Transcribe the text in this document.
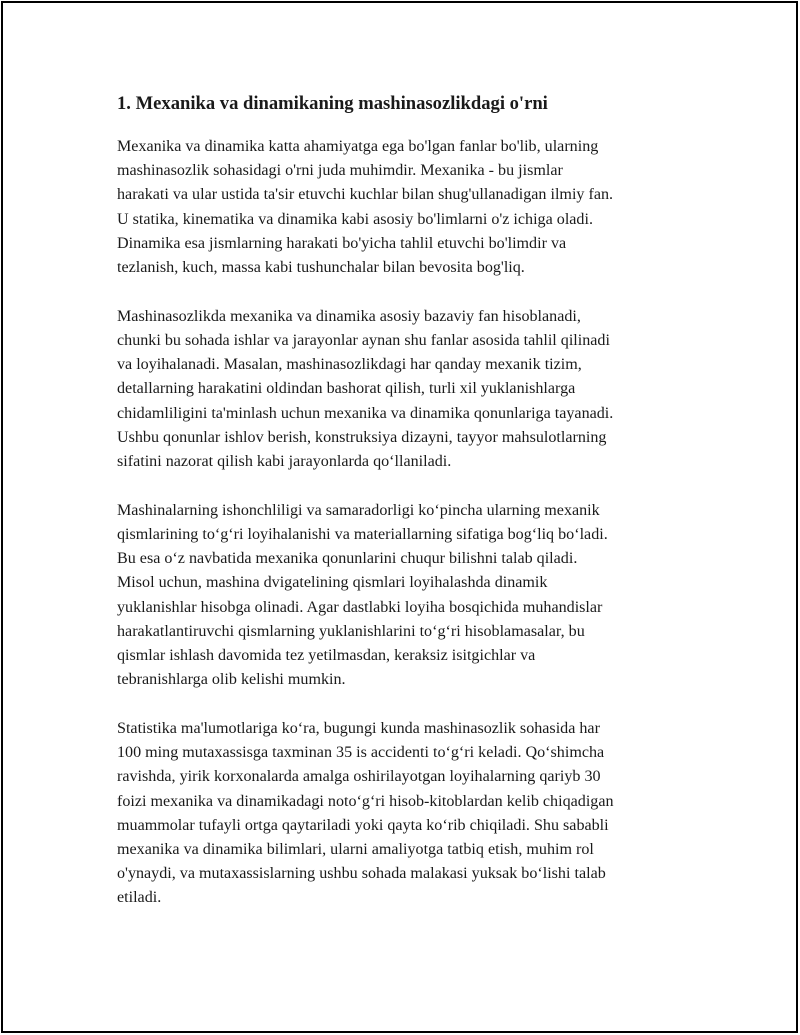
1. Mexanika va dinamikaning mashinasozlikdagi o'rni

Mexanika va dinamika katta ahamiyatga ega bo'lgan fanlar bo'lib, ularning
mashinasozlik sohasidagi o'rni juda muhimdir. Mexanika - bu jismlar
harakati va ular ustida ta'sir etuvchi kuchlar bilan shug'ullanadigan ilmiy fan.
U statika, kinematika va dinamika kabi asosiy bo'limlarni o'z ichiga oladi.
Dinamika esa jismlarning harakati bo'yicha tahlil etuvchi bo'limdir va
tezlanish, kuch, massa kabi tushunchalar bilan bevosita bog'liq.

Mashinasozlikda mexanika va dinamika asosiy bazaviy fan hisoblanadi,
chunki bu sohada ishlar va jarayonlar aynan shu fanlar asosida tahlil qilinadi
va loyihalanadi. Masalan, mashinasozlikdagi har qanday mexanik tizim,
detallarning harakatini oldindan bashorat qilish, turli xil yuklanishlarga
chidamliligini ta'minlash uchun mexanika va dinamika qonunlariga tayanadi.
Ushbu qonunlar ishlov berish, konstruksiya dizayni, tayyor mahsulotlarning
sifatini nazorat qilish kabi jarayonlarda qo‘llaniladi.

Mashinalarning ishonchliligi va samaradorligi ko‘pincha ularning mexanik
qismlarining to‘g‘ri loyihalanishi va materiallarning sifatiga bog‘liq bo‘ladi.
Bu esa o‘z navbatida mexanika qonunlarini chuqur bilishni talab qiladi.
Misol uchun, mashina dvigatelining qismlari loyihalashda dinamik
yuklanishlar hisobga olinadi. Agar dastlabki loyiha bosqichida muhandislar
harakatlantiruvchi qismlarning yuklanishlarini to‘g‘ri hisoblamasalar, bu
qismlar ishlash davomida tez yetilmasdan, keraksiz isitgichlar va
tebranishlarga olib kelishi mumkin.

Statistika ma'lumotlariga ko‘ra, bugungi kunda mashinasozlik sohasida har
100 ming mutaxassisga taxminan 35 is accidenti to‘g‘ri keladi. Qo‘shimcha
ravishda, yirik korxonalarda amalga oshirilayotgan loyihalarning qariyb 30
foizi mexanika va dinamikadagi noto‘g‘ri hisob-kitoblardan kelib chiqadigan
muammolar tufayli ortga qaytariladi yoki qayta ko‘rib chiqiladi. Shu sababli
mexanika va dinamika bilimlari, ularni amaliyotga tatbiq etish, muhim rol
o'ynaydi, va mutaxassislarning ushbu sohada malakasi yuksak bo‘lishi talab
etiladi.
